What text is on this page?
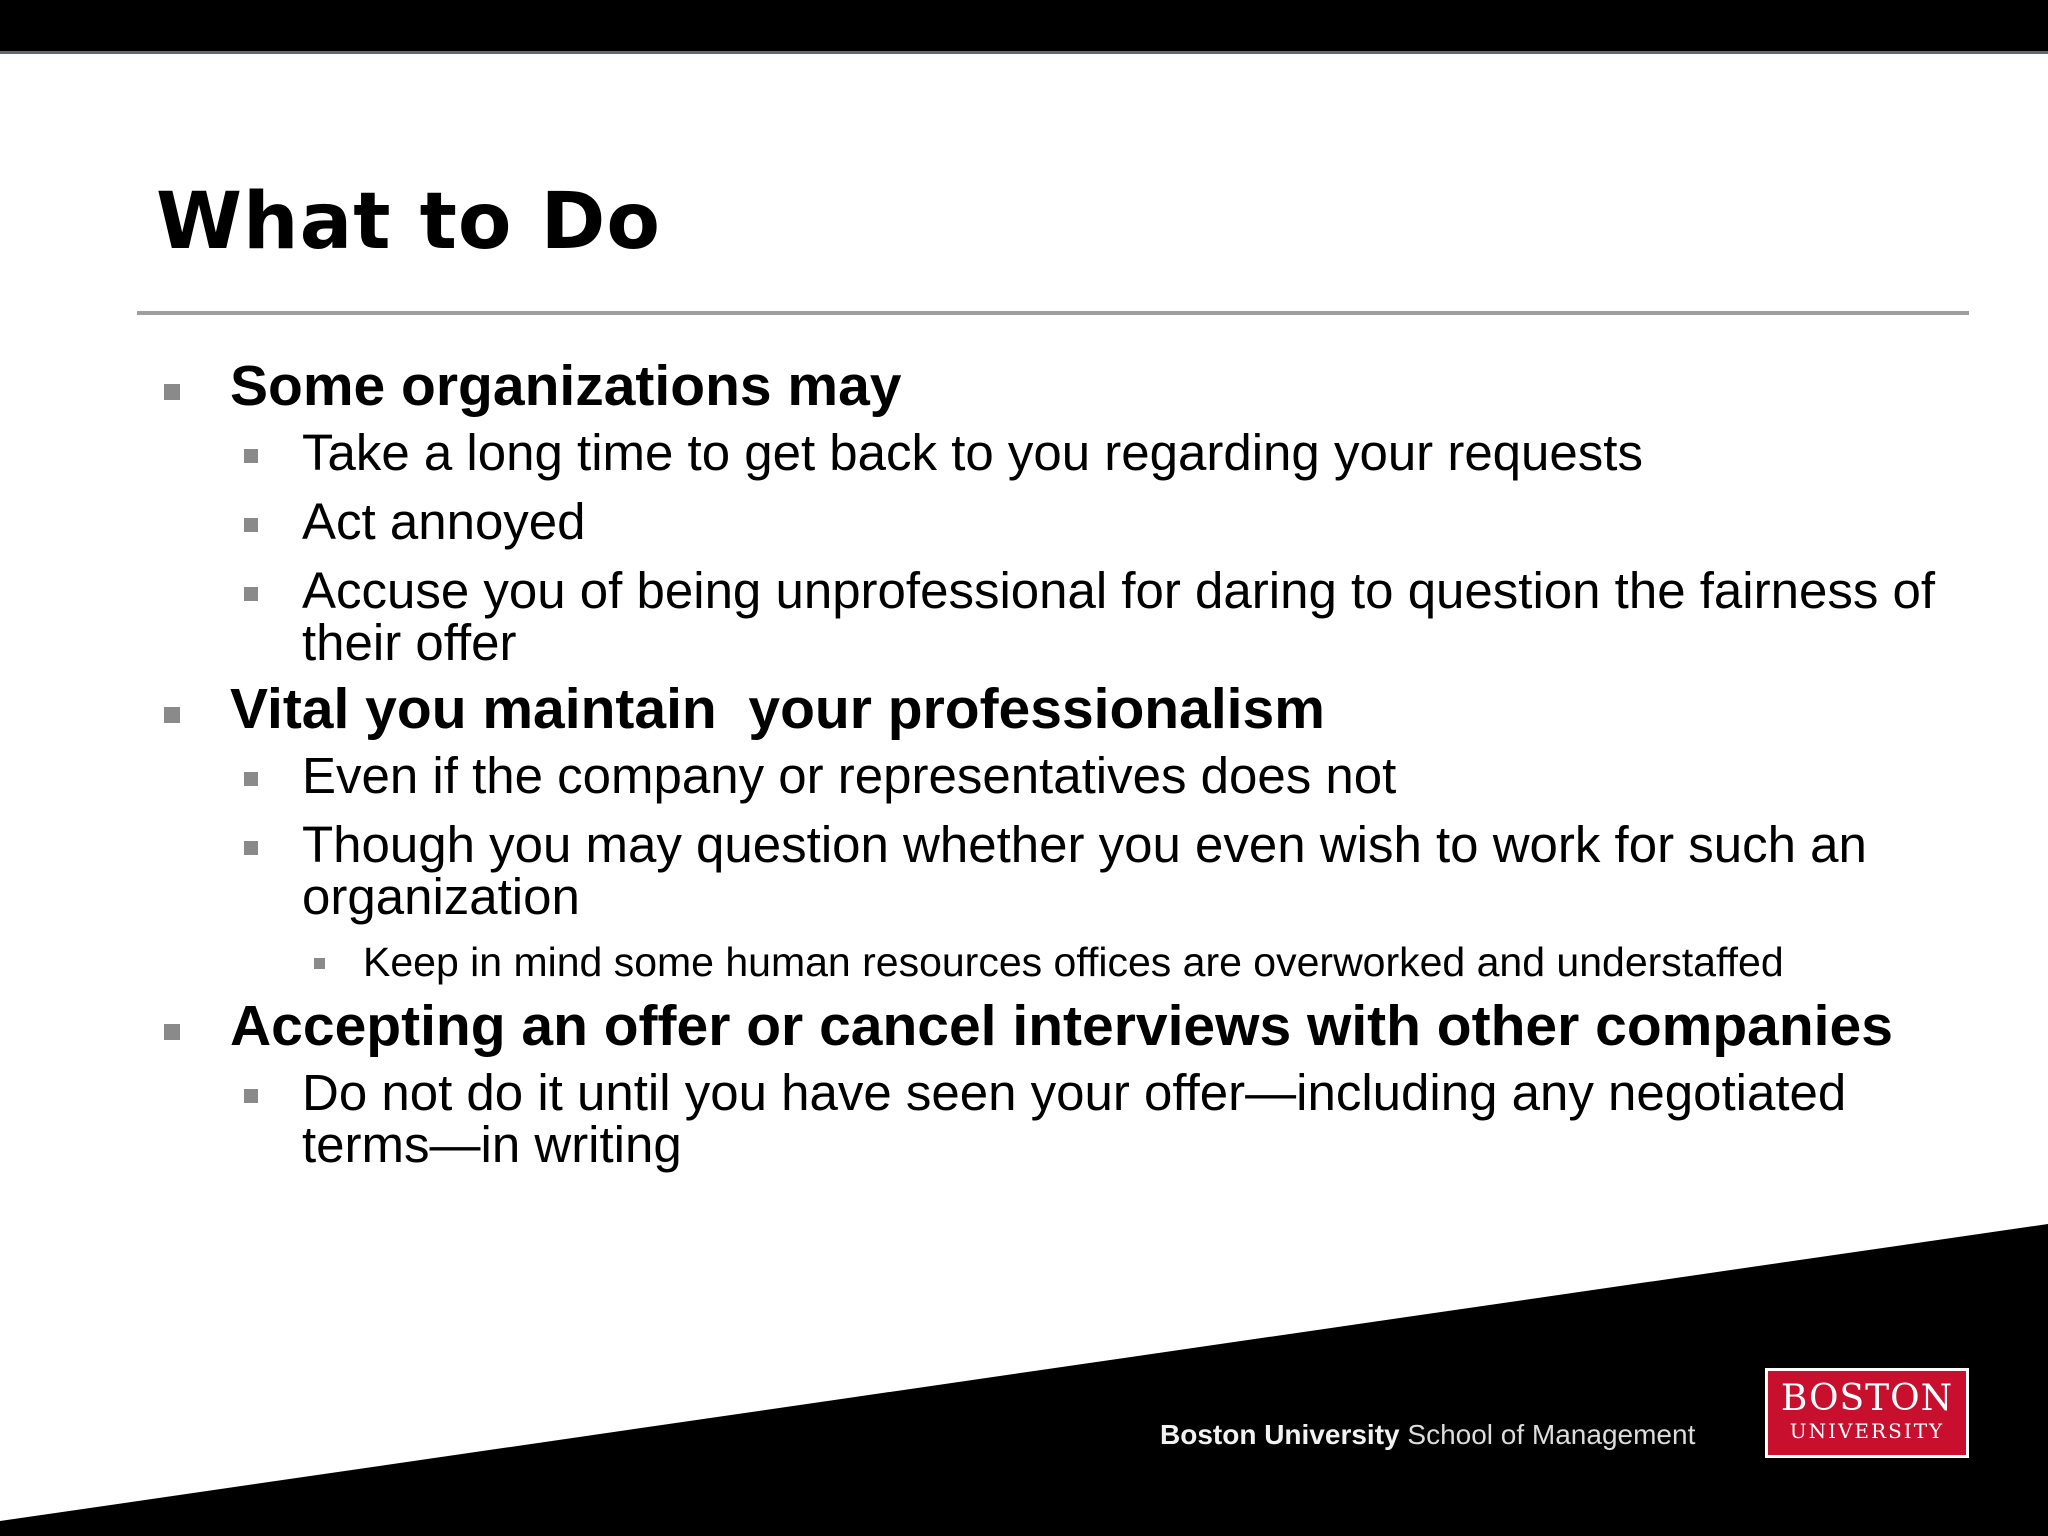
What to Do
Some organizations may
Take a long time to get back to you regarding your requests
Act annoyed
Accuse you of being unprofessional for daring to question the fairness of their offer
Vital you maintain  your professionalism
Even if the company or representatives does not
Though you may question whether you even wish to work for such an organization
Keep in mind some human resources offices are overworked and understaffed
Accepting an offer or cancel interviews with other companies
Do not do it until you have seen your offer—including any negotiated terms—in writing
Boston University School of Management
BOSTON
UNIVERSITY
